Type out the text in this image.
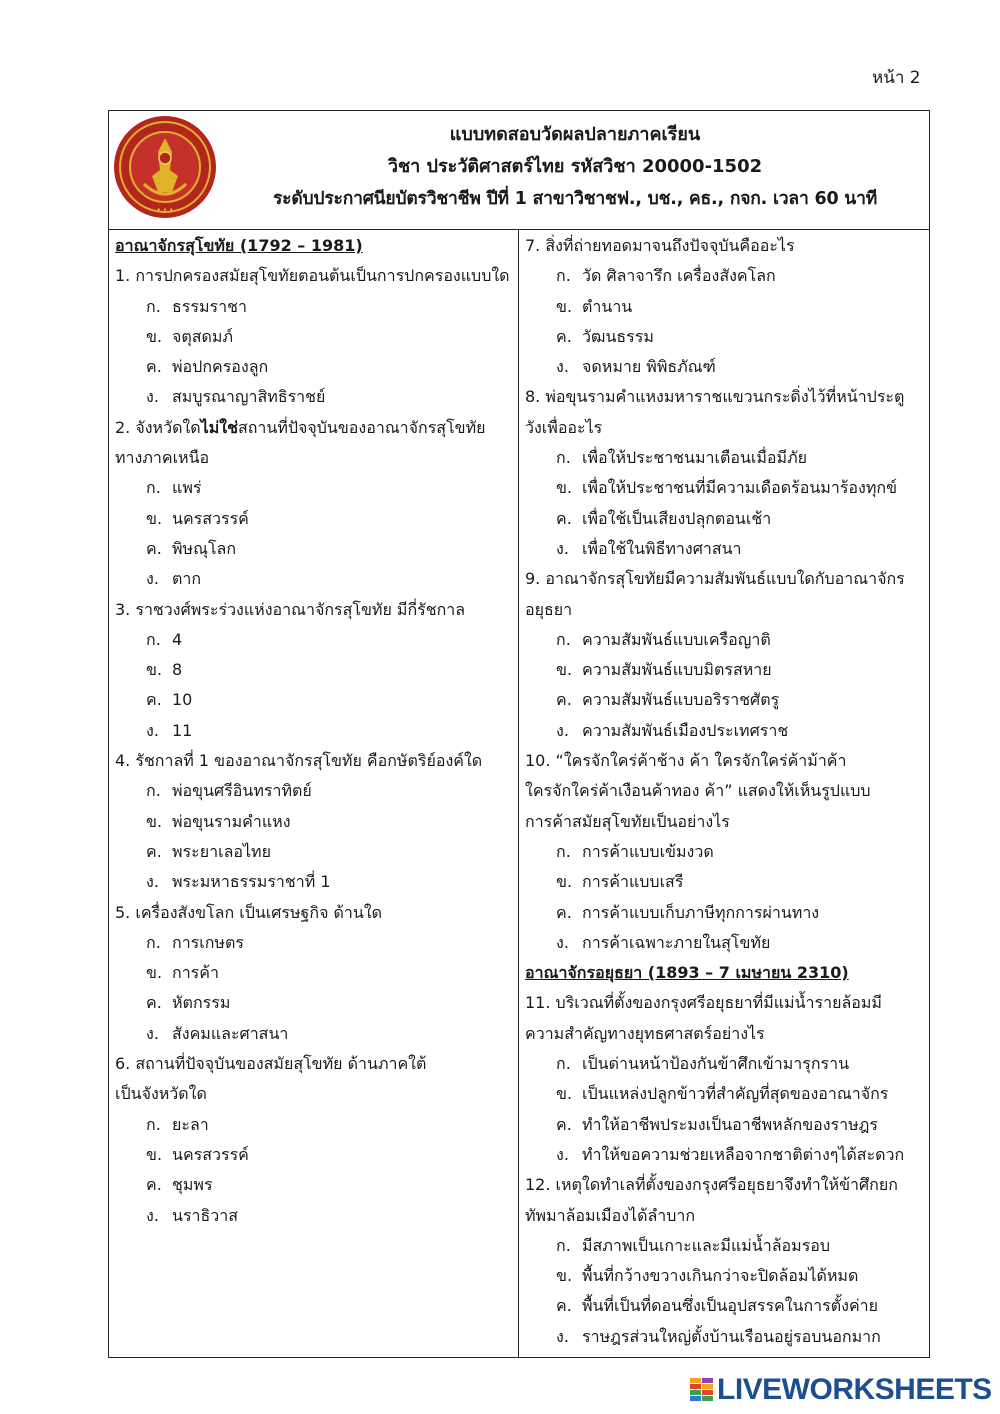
หน้า 2
• • •
แบบทดสอบวัดผลปลายภาคเรียน
วิชา ประวัติศาสตร์ไทย รหัสวิชา 20000-1502
ระดับประกาศนียบัตรวิชาชีพ ปีที่ 1 สาขาวิชาชฟ., บช., คธ., กจก. เวลา 60 นาที
อาณาจักรสุโขทัย (1792 – 1981)
1. การปกครองสมัยสุโขทัยตอนต้นเป็นการปกครองแบบใด
ก. ธรรมราชา
ข. จตุสดมภ์
ค. พ่อปกครองลูก
ง. สมบูรณาญาสิทธิราชย์
2. จังหวัดใดไม่ใช่สถานที่ปัจจุบันของอาณาจักรสุโขทัย
ทางภาคเหนือ
ก. แพร่
ข. นครสวรรค์
ค. พิษณุโลก
ง. ตาก
3. ราชวงศ์พระร่วงแห่งอาณาจักรสุโขทัย มีกี่รัชกาล
ก. 4
ข. 8
ค. 10
ง. 11
4. รัชกาลที่ 1 ของอาณาจักรสุโขทัย คือกษัตริย์องค์ใด
ก. พ่อขุนศรีอินทราทิตย์
ข. พ่อขุนรามคำแหง
ค. พระยาเลอไทย
ง. พระมหาธรรมราชาที่ 1
5. เครื่องสังขโลก เป็นเศรษฐกิจ ด้านใด
ก. การเกษตร
ข. การค้า
ค. หัตกรรม
ง. สังคมและศาสนา
6. สถานที่ปัจจุบันของสมัยสุโขทัย ด้านภาคใต้
เป็นจังหวัดใด
ก. ยะลา
ข. นครสวรรค์
ค. ชุมพร
ง. นราธิวาส
7. สิ่งที่ถ่ายทอดมาจนถึงปัจจุบันคืออะไร
ก. วัด ศิลาจารึก เครื่องสังคโลก
ข. ตำนาน
ค. วัฒนธรรม
ง. จดหมาย พิพิธภัณฑ์
8. พ่อขุนรามคำแหงมหาราชแขวนกระดิ่งไว้ที่หน้าประตู
วังเพื่ออะไร
ก. เพื่อให้ประชาชนมาเตือนเมื่อมีภัย
ข. เพื่อให้ประชาชนที่มีความเดือดร้อนมาร้องทุกข์
ค. เพื่อใช้เป็นเสียงปลุกตอนเช้า
ง. เพื่อใช้ในพิธีทางศาสนา
9. อาณาจักรสุโขทัยมีความสัมพันธ์แบบใดกับอาณาจักร
อยุธยา
ก. ความสัมพันธ์แบบเครือญาติ
ข. ความสัมพันธ์แบบมิตรสหาย
ค. ความสัมพันธ์แบบอริราชศัตรู
ง. ความสัมพันธ์เมืองประเทศราช
10. “ใครจักใคร่ค้าช้าง ค้า ใครจักใคร่ค้าม้าค้า
ใครจักใคร่ค้าเงือนค้าทอง ค้า” แสดงให้เห็นรูปแบบ
การค้าสมัยสุโขทัยเป็นอย่างไร
ก. การค้าแบบเข้มงวด
ข. การค้าแบบเสรี
ค. การค้าแบบเก็บภาษีทุกการผ่านทาง
ง. การค้าเฉพาะภายในสุโขทัย
อาณาจักรอยุธยา (1893 – 7 เมษายน 2310)
11. บริเวณที่ตั้งของกรุงศรีอยุธยาที่มีแม่น้ำรายล้อมมี
ความสำคัญทางยุทธศาสตร์อย่างไร
ก. เป็นด่านหน้าป้องกันข้าศึกเข้ามารุกราน
ข. เป็นแหล่งปลูกข้าวที่สำคัญที่สุดของอาณาจักร
ค. ทำให้อาชีพประมงเป็นอาชีพหลักของราษฎร
ง. ทำให้ขอความช่วยเหลือจากชาติต่างๆได้สะดวก
12. เหตุใดทำเลที่ตั้งของกรุงศรีอยุธยาจึงทำให้ข้าศึกยก
ทัพมาล้อมเมืองได้ลำบาก
ก. มีสภาพเป็นเกาะและมีแม่น้ำล้อมรอบ
ข. พื้นที่กว้างขวางเกินกว่าจะปิดล้อมได้หมด
ค. พื้นที่เป็นที่ดอนซึ่งเป็นอุปสรรคในการตั้งค่าย
ง. ราษฎรส่วนใหญ่ตั้งบ้านเรือนอยู่รอบนอกมาก
LIVEWORKSHEETS
